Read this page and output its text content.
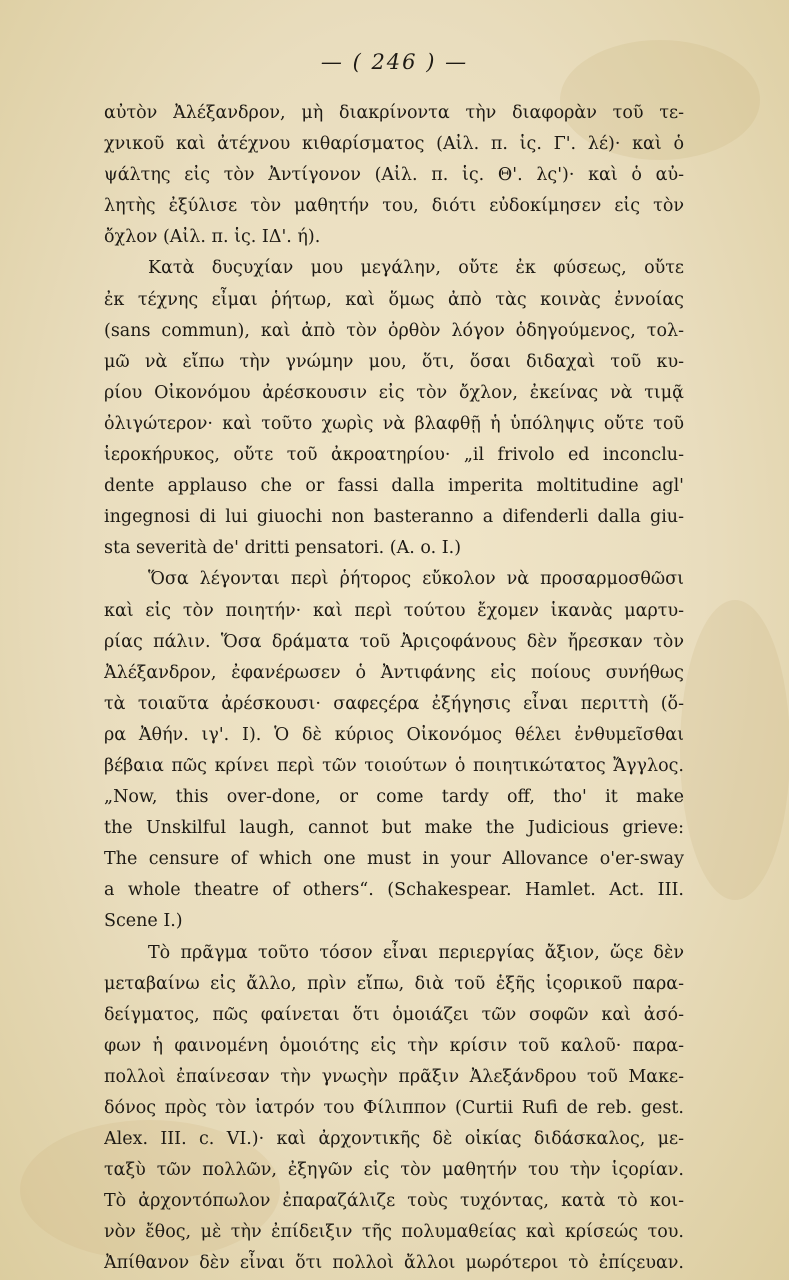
— ( 246 ) —

αὐτὸν Ἀλέξανδρον, μὴ διακρίνοντα τὴν διαφορὰν τοῦ τε-
χνικοῦ καὶ ἀτέχνου κιθαρίσματος (Αἰλ. π. ἱς. Γ'. λέ)· καὶ ὁ
ψάλτης εἰς τὸν Ἀντίγονον (Αἰλ. π. ἱς. Θ'. λς')· καὶ ὁ αὐ-
λητὴς ἐξύλισε τὸν μαθητήν του, διότι εὐδοκίμησεν εἰς τὸν
ὄχλον (Αἰλ. π. ἱς. ΙΔ'. ή).
Κατὰ δυςυχίαν μου μεγάλην, οὔτε ἐκ φύσεως, οὔτε
ἐκ τέχνης εἶμαι ῥήτωρ, καὶ ὅμως ἀπὸ τὰς κοινὰς ἐννοίας
(sans commun), καὶ ἀπὸ τὸν ὀρθὸν λόγον ὁδηγούμενος, τολ-
μῶ νὰ εἴπω τὴν γνώμην μου, ὅτι, ὅσαι διδαχαὶ τοῦ κυ-
ρίου Οἰκονόμου ἀρέσκουσιν εἰς τὸν ὄχλον, ἐκείνας νὰ τιμᾷ
ὀλιγώτερον· καὶ τοῦτο χωρὶς νὰ βλαφθῇ ἡ ὑπόληψις οὔτε τοῦ
ἱεροκήρυκος, οὔτε τοῦ ἀκροατηρίου· „il frivolo ed inconclu-
dente applauso che or fassi dalla imperita moltitudine agl'
ingegnosi di lui giuochi non basteranno a difenderli dalla giu-
sta severità de' dritti pensatori. (A. o. I.)
Ὅσα λέγονται περὶ ῥήτορος εὔκολον νὰ προσαρμοσθῶσι
καὶ εἰς τὸν ποιητήν· καὶ περὶ τούτου ἔχομεν ἱκανὰς μαρτυ-
ρίας πάλιν. Ὅσα δράματα τοῦ Ἀριςοφάνους δὲν ἤρεσκαν τὸν
Ἀλέξανδρον, ἐφανέρωσεν ὁ Ἀντιφάνης εἰς ποίους συνήθως
τὰ τοιαῦτα ἀρέσκουσι· σαφεςέρα ἐξήγησις εἶναι περιττὴ (ὅ-
ρα Ἀθήν. ιγ'. Ι). Ὁ δὲ κύριος Οἰκονόμος θέλει ἐνθυμεῖσθαι
βέβαια πῶς κρίνει περὶ τῶν τοιούτων ὁ ποιητικώτατος Ἄγγλος.
„Now, this over-done, or come tardy off, tho' it make
the Unskilful laugh, cannot but make the Judicious grieve:
The censure of which one must in your Allovance o'er-sway
a whole theatre of others“. (Schakespear. Hamlet. Act. III.
Scene I.)
Τὸ πρᾶγμα τοῦτο τόσον εἶναι περιεργίας ἄξιον, ὥςε δὲν
μεταβαίνω εἰς ἄλλο, πρὶν εἴπω, διὰ τοῦ ἑξῆς ἱςορικοῦ παρα-
δείγματος, πῶς φαίνεται ὅτι ὁμοιάζει τῶν σοφῶν καὶ ἀσό-
φων ἡ φαινομένη ὁμοιότης εἰς τὴν κρίσιν τοῦ καλοῦ· παρα-
πολλοὶ ἐπαίνεσαν τὴν γνωςὴν πρᾶξιν Ἀλεξάνδρου τοῦ Μακε-
δόνος πρὸς τὸν ἰατρόν του Φίλιππον (Curtii Rufi de reb. gest.
Alex. III. c. VI.)· καὶ ἀρχοντικῆς δὲ οἰκίας διδάσκαλος, με-
ταξὺ τῶν πολλῶν, ἐξηγῶν εἰς τὸν μαθητήν του τὴν ἱςορίαν.
Τὸ ἀρχοντόπωλον ἐπαραζάλιζε τοὺς τυχόντας, κατὰ τὸ κοι-
νὸν ἔθος, μὲ τὴν ἐπίδειξιν τῆς πολυμαθείας καὶ κρίσεώς του.
Ἀπίθανον δὲν εἶναι ὅτι πολλοὶ ἄλλοι μωρότεροι τὸ ἐπίςευαν.
